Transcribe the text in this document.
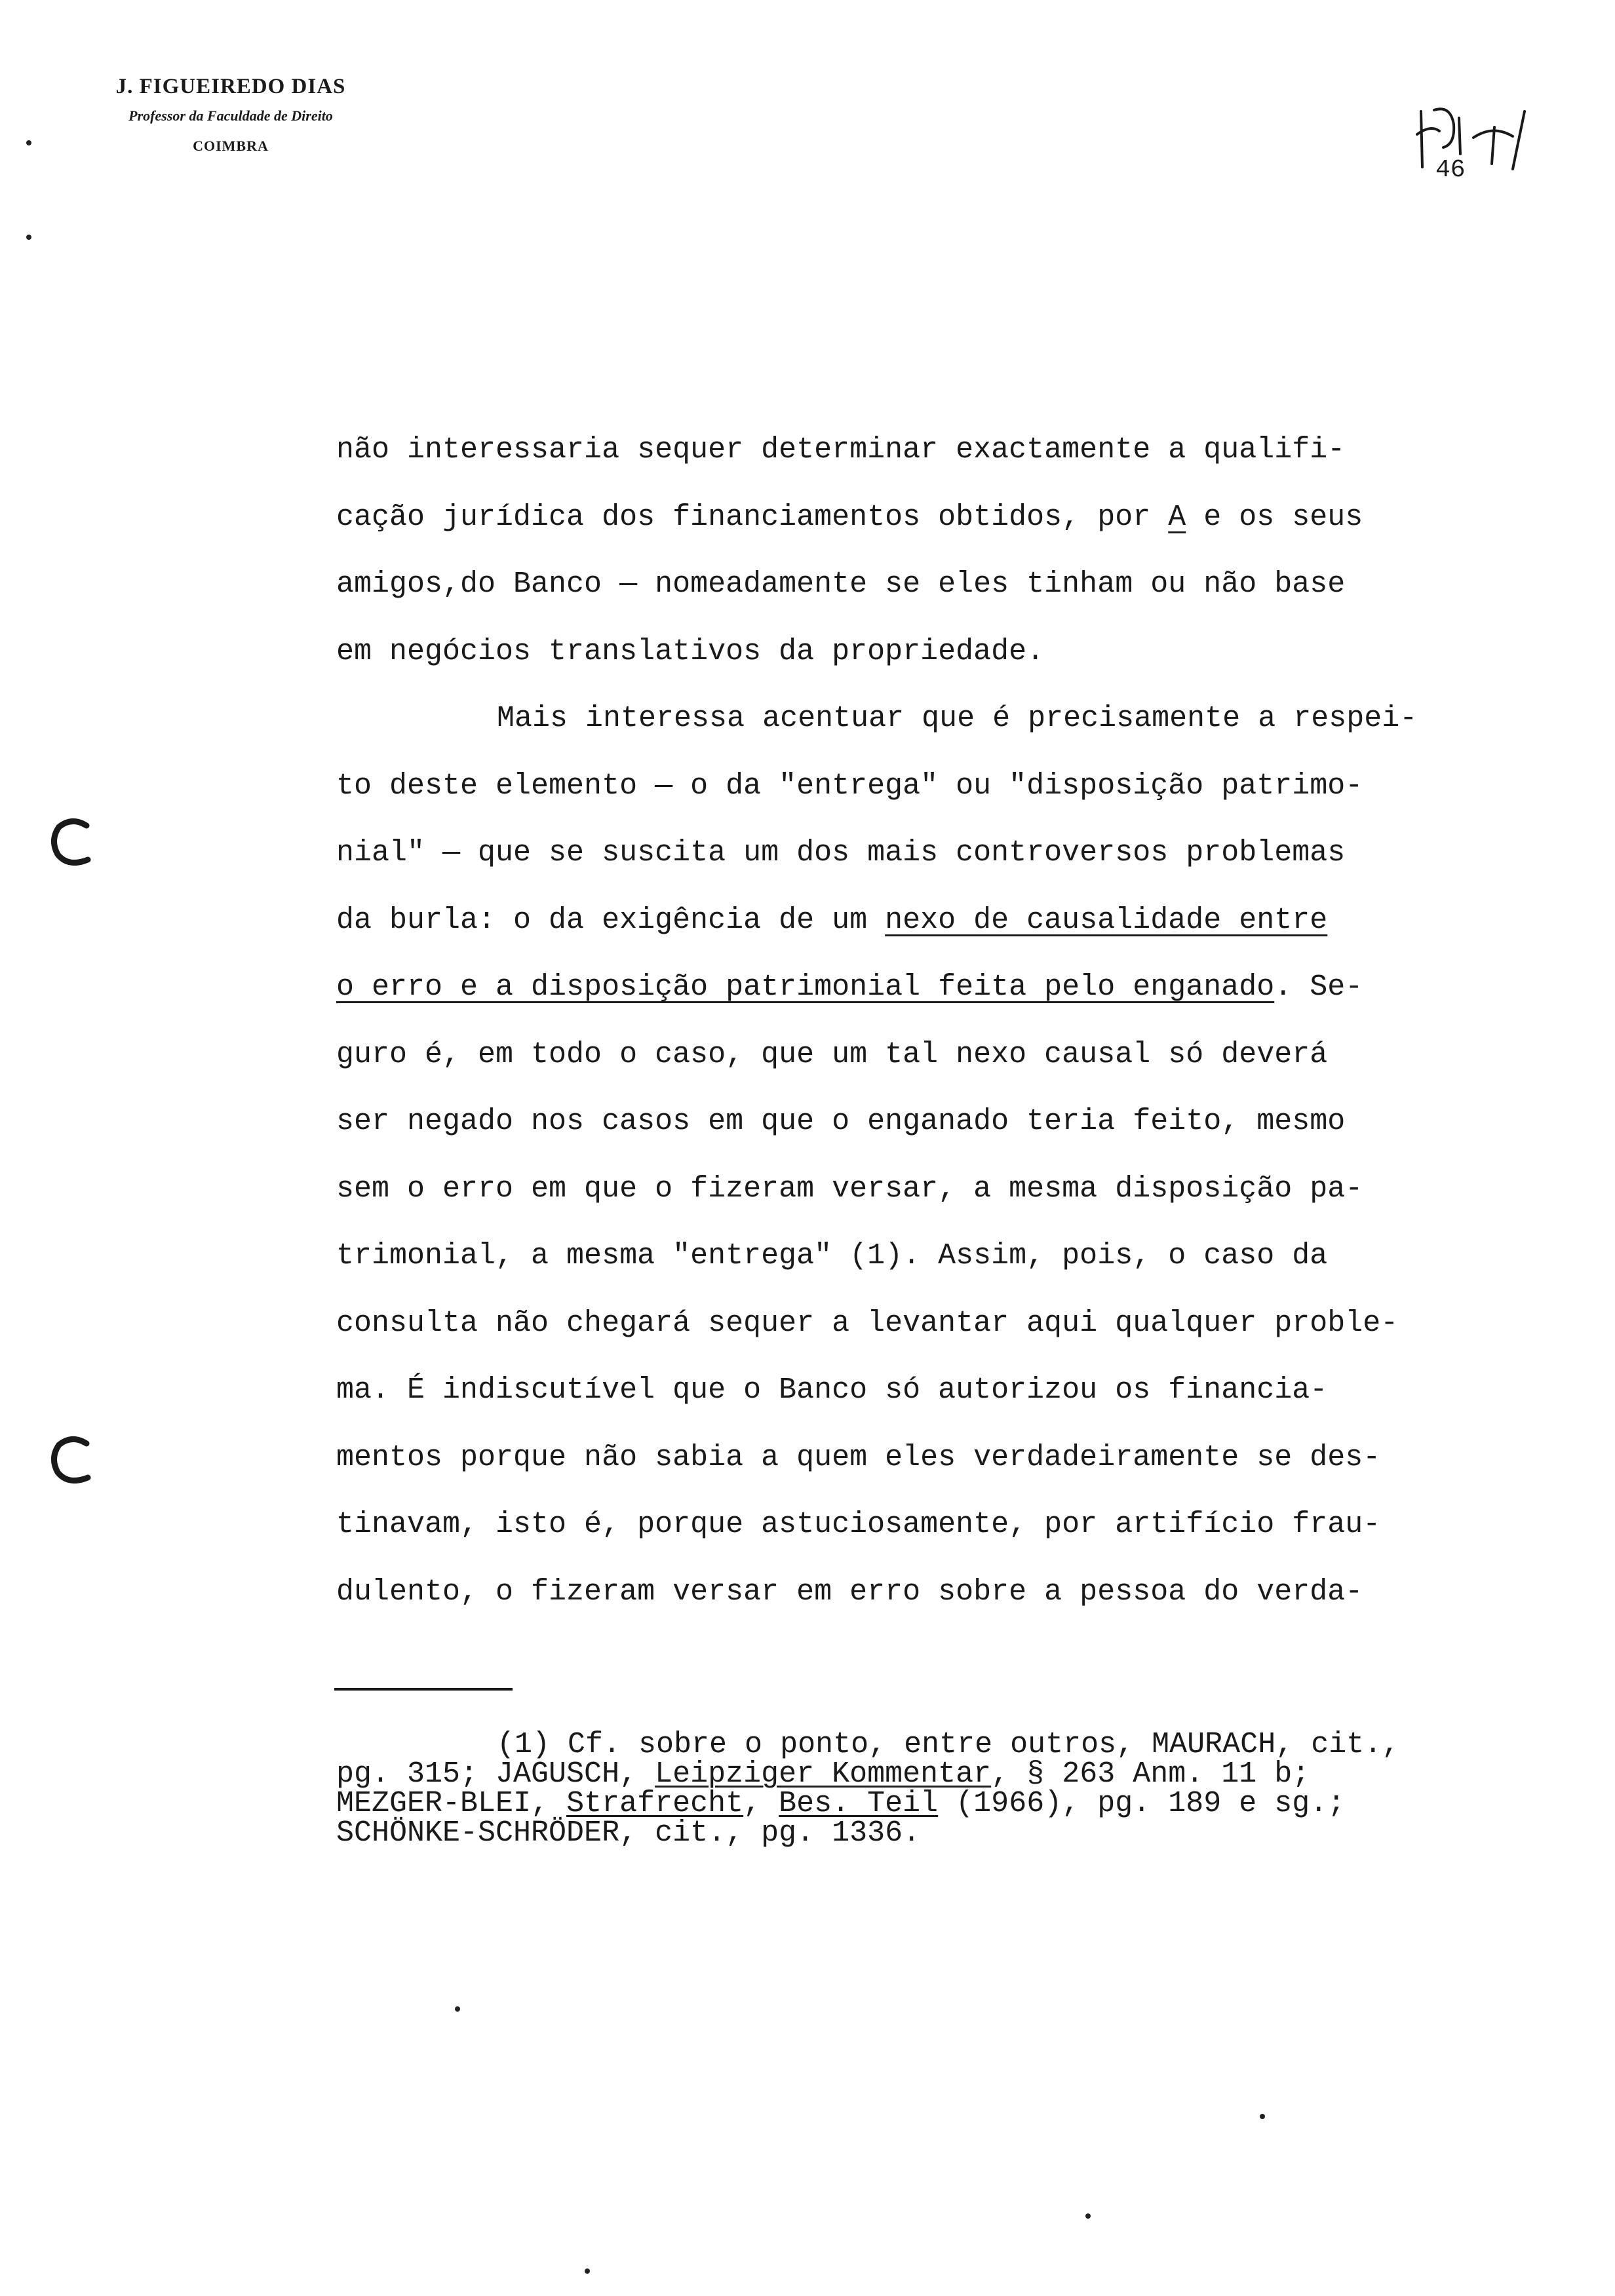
J. FIGUEIREDO DIAS
Professor da Faculdade de Direito
COIMBRA
46

não interessaria sequer determinar exactamente a qualifi-
cação jurídica dos financiamentos obtidos, por A e os seus
amigos,do Banco — nomeadamente se eles tinham ou não base
em negócios translativos da propriedade.

Mais interessa acentuar que é precisamente a respei-
to deste elemento — o da "entrega" ou "disposição patrimo-
nial" — que se suscita um dos mais controversos problemas
da burla: o da exigência de um nexo de causalidade entre
o erro e a disposição patrimonial feita pelo enganado. Se-
guro é, em todo o caso, que um tal nexo causal só deverá
ser negado nos casos em que o enganado teria feito, mesmo
sem o erro em que o fizeram versar, a mesma disposição pa-
trimonial, a mesma "entrega" (1). Assim, pois, o caso da
consulta não chegará sequer a levantar aqui qualquer proble-
ma. É indiscutível que o Banco só autorizou os financia-
mentos porque não sabia a quem eles verdadeiramente se des-
tinavam, isto é, porque astuciosamente, por artifício frau-
dulento, o fizeram versar em erro sobre a pessoa do verda-

(1) Cf. sobre o ponto, entre outros, MAURACH, cit.,
pg. 315; JAGUSCH, Leipziger Kommentar, § 263 Anm. 11 b;
MEZGER-BLEI, Strafrecht, Bes. Teil (1966), pg. 189 e sg.;
SCHÖNKE-SCHRÖDER, cit., pg. 1336.
